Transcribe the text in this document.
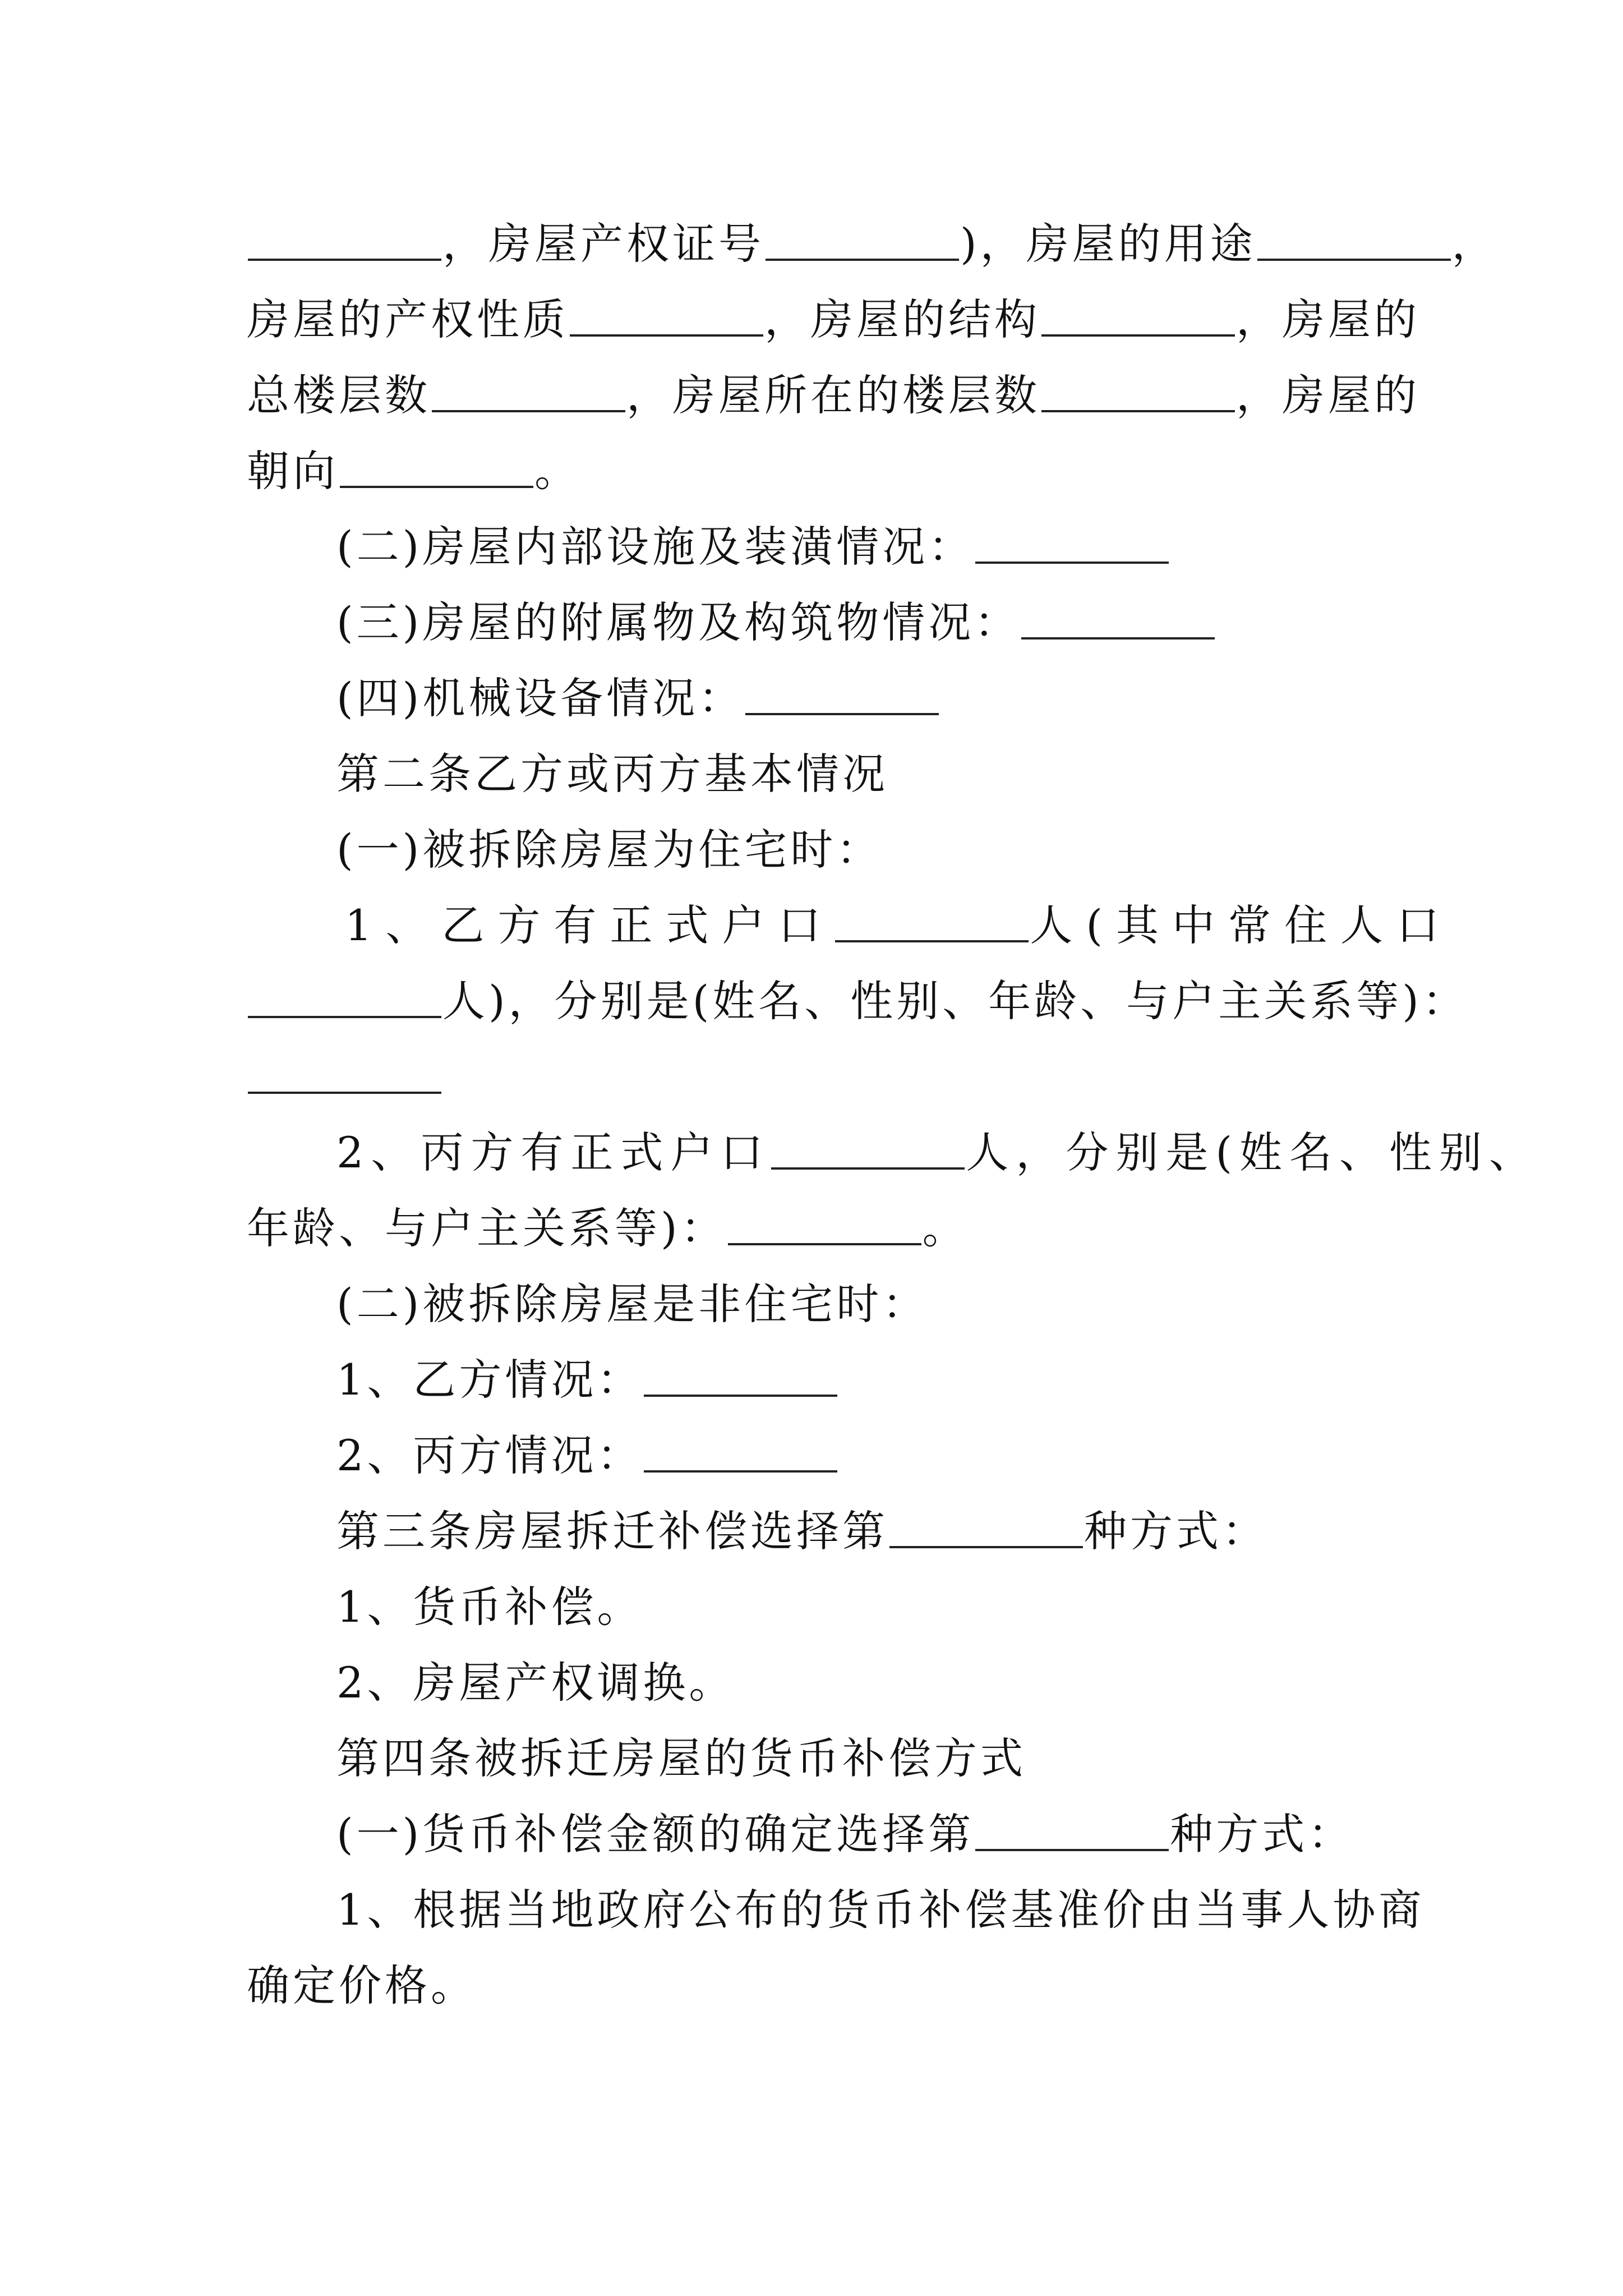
，房屋产权证号	)，房屋的用途	，
房屋的产权性质	，房屋的结构	，房屋的
总楼层数	，房屋所在的楼层数	，房屋的
朝向	。
(二)房屋内部设施及装潢情况：
(三)房屋的附属物及构筑物情况：
(四)机械设备情况：
第二条乙方或丙方基本情况
(一)被拆除房屋为住宅时：
1、乙方有正式户口	人(其中常住人口
人)，分别是(姓名、性别、年龄、与户主关系等)：
2、丙方有正式户口	人，分别是(姓名、性别、
年龄、与户主关系等)：	。
(二)被拆除房屋是非住宅时：
1、乙方情况：
2、丙方情况：
第三条房屋拆迁补偿选择第	种方式：
1、货币补偿。
2、房屋产权调换。
第四条被拆迁房屋的货币补偿方式
(一)货币补偿金额的确定选择第	种方式：
1、根据当地政府公布的货币补偿基准价由当事人协商
确定价格。
